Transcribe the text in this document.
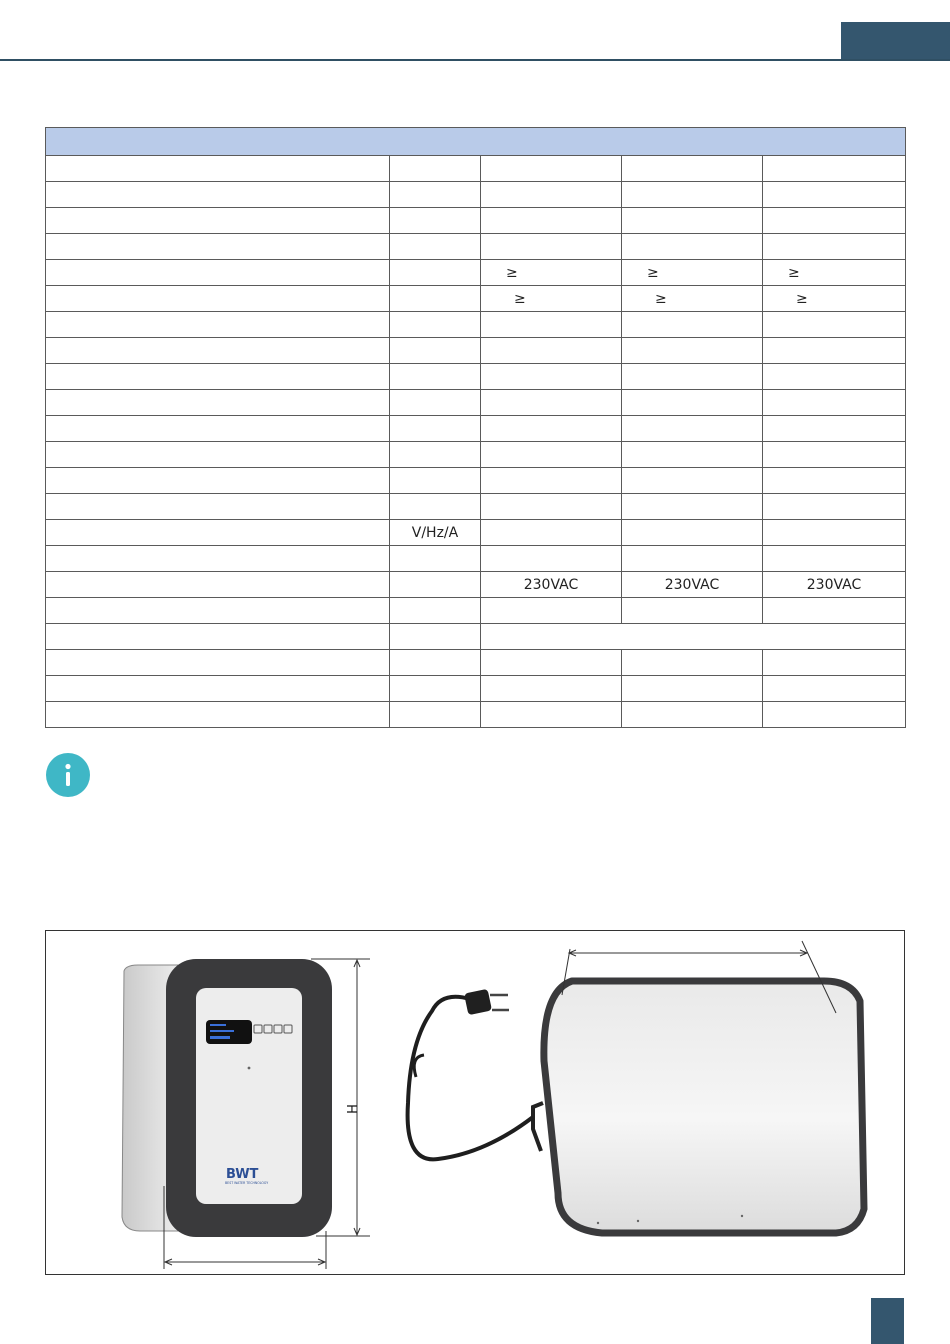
		≥	≥	≥
		≥	≥	≥

	V/Hz/A			

		230VAC	230VAC	230VAC

BWT
BEST WATER TECHNOLOGY
H
